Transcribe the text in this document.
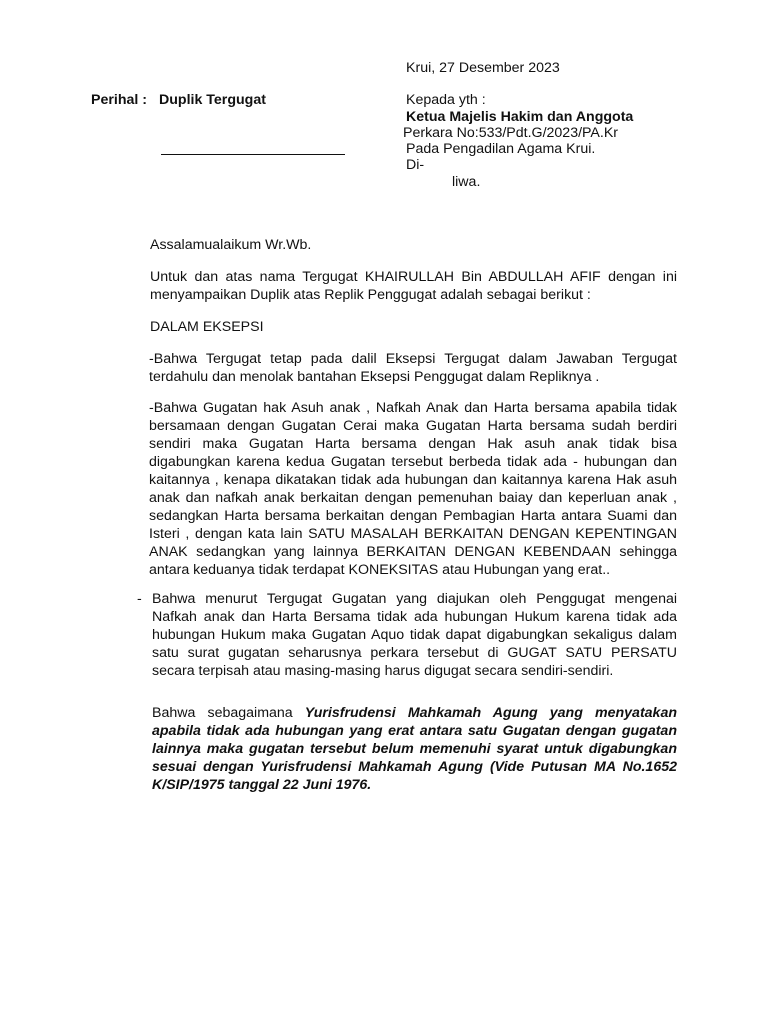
Krui, 27 Desember 2023
Perihal : Duplik Tergugat	Kepada yth :
Ketua Majelis Hakim dan Anggota
Perkara No:533/Pdt.G/2023/PA.Kr
Pada Pengadilan Agama Krui.
Di-
liwa.
Assalamualaikum Wr.Wb.
Untuk dan atas nama Tergugat KHAIRULLAH Bin ABDULLAH AFIF dengan ini menyampaikan Duplik atas Replik Penggugat adalah sebagai berikut :
DALAM EKSEPSI
-Bahwa Tergugat tetap pada dalil Eksepsi Tergugat dalam Jawaban Tergugat terdahulu dan menolak bantahan Eksepsi Penggugat dalam Repliknya .
-Bahwa Gugatan hak Asuh anak , Nafkah Anak dan Harta bersama apabila tidak bersamaan dengan Gugatan Cerai maka Gugatan Harta bersama sudah berdiri sendiri maka Gugatan Harta bersama dengan Hak asuh anak tidak bisa digabungkan karena kedua Gugatan tersebut berbeda tidak ada - hubungan dan kaitannya , kenapa dikatakan tidak ada hubungan dan kaitannya karena Hak asuh anak dan nafkah anak berkaitan dengan pemenuhan baiay dan keperluan anak , sedangkan Harta bersama berkaitan dengan Pembagian Harta antara Suami dan Isteri , dengan kata lain SATU MASALAH BERKAITAN DENGAN KEPENTINGAN ANAK sedangkan yang lainnya BERKAITAN DENGAN KEBENDAAN sehingga antara keduanya tidak terdapat KONEKSITAS atau Hubungan yang erat..
- Bahwa menurut Tergugat Gugatan yang diajukan oleh Penggugat mengenai Nafkah anak dan Harta Bersama tidak ada hubungan Hukum karena tidak ada hubungan Hukum maka Gugatan Aquo tidak dapat digabungkan sekaligus dalam satu surat gugatan seharusnya perkara tersebut di GUGAT SATU PERSATU secara terpisah atau masing-masing harus digugat secara sendiri-sendiri.
Bahwa sebagaimana Yurisfrudensi Mahkamah Agung yang menyatakan apabila tidak ada hubungan yang erat antara satu Gugatan dengan gugatan lainnya maka gugatan tersebut belum memenuhi syarat untuk digabungkan sesuai dengan Yurisfrudensi Mahkamah Agung (Vide Putusan MA No.1652 K/SIP/1975 tanggal 22 Juni 1976.
